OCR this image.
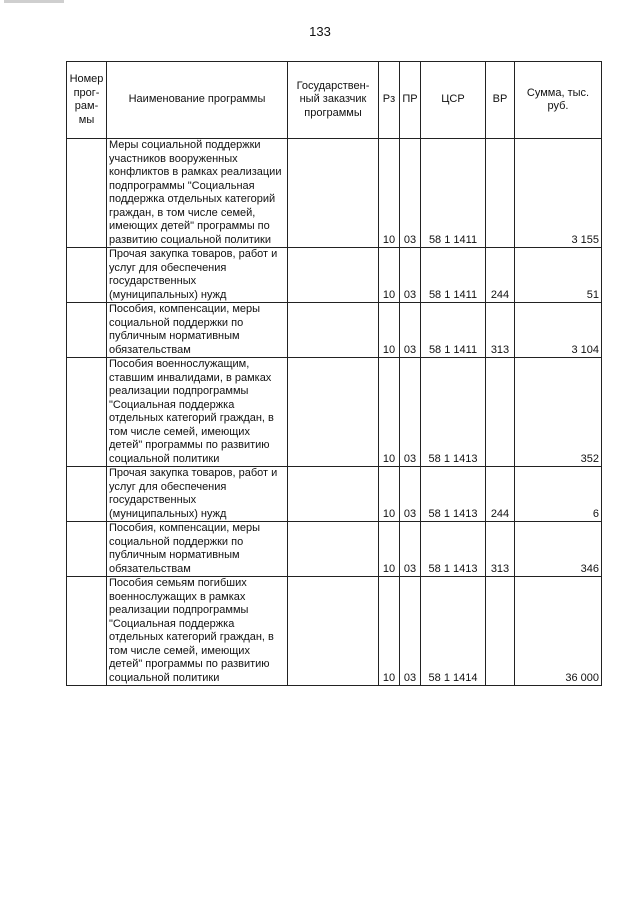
133
Номер прог-рам-мы	Наименование программы	Государствен-ный заказчик программы	Рз	ПР	ЦСР	ВР	Сумма, тыс. руб.
	Меры социальной поддержки участников вооруженных конфликтов в рамках реализации подпрограммы "Социальная поддержка отдельных категорий граждан, в том числе семей, имеющих детей" программы по развитию социальной политики		10	03	58 1 1411		3 155
	Прочая закупка товаров, работ и услуг для обеспечения государственных (муниципальных) нужд		10	03	58 1 1411	244	51
	Пособия, компенсации, меры социальной поддержки по публичным нормативным обязательствам		10	03	58 1 1411	313	3 104
	Пособия военнослужащим, ставшим инвалидами, в рамках реализации подпрограммы "Социальная поддержка отдельных категорий граждан, в том числе семей, имеющих детей" программы по развитию социальной политики		10	03	58 1 1413		352
	Прочая закупка товаров, работ и услуг для обеспечения государственных (муниципальных) нужд		10	03	58 1 1413	244	6
	Пособия, компенсации, меры социальной поддержки по публичным нормативным обязательствам		10	03	58 1 1413	313	346
	Пособия семьям погибших военнослужащих в рамках реализации подпрограммы "Социальная поддержка отдельных категорий граждан, в том числе семей, имеющих детей" программы по развитию социальной политики		10	03	58 1 1414		36 000
